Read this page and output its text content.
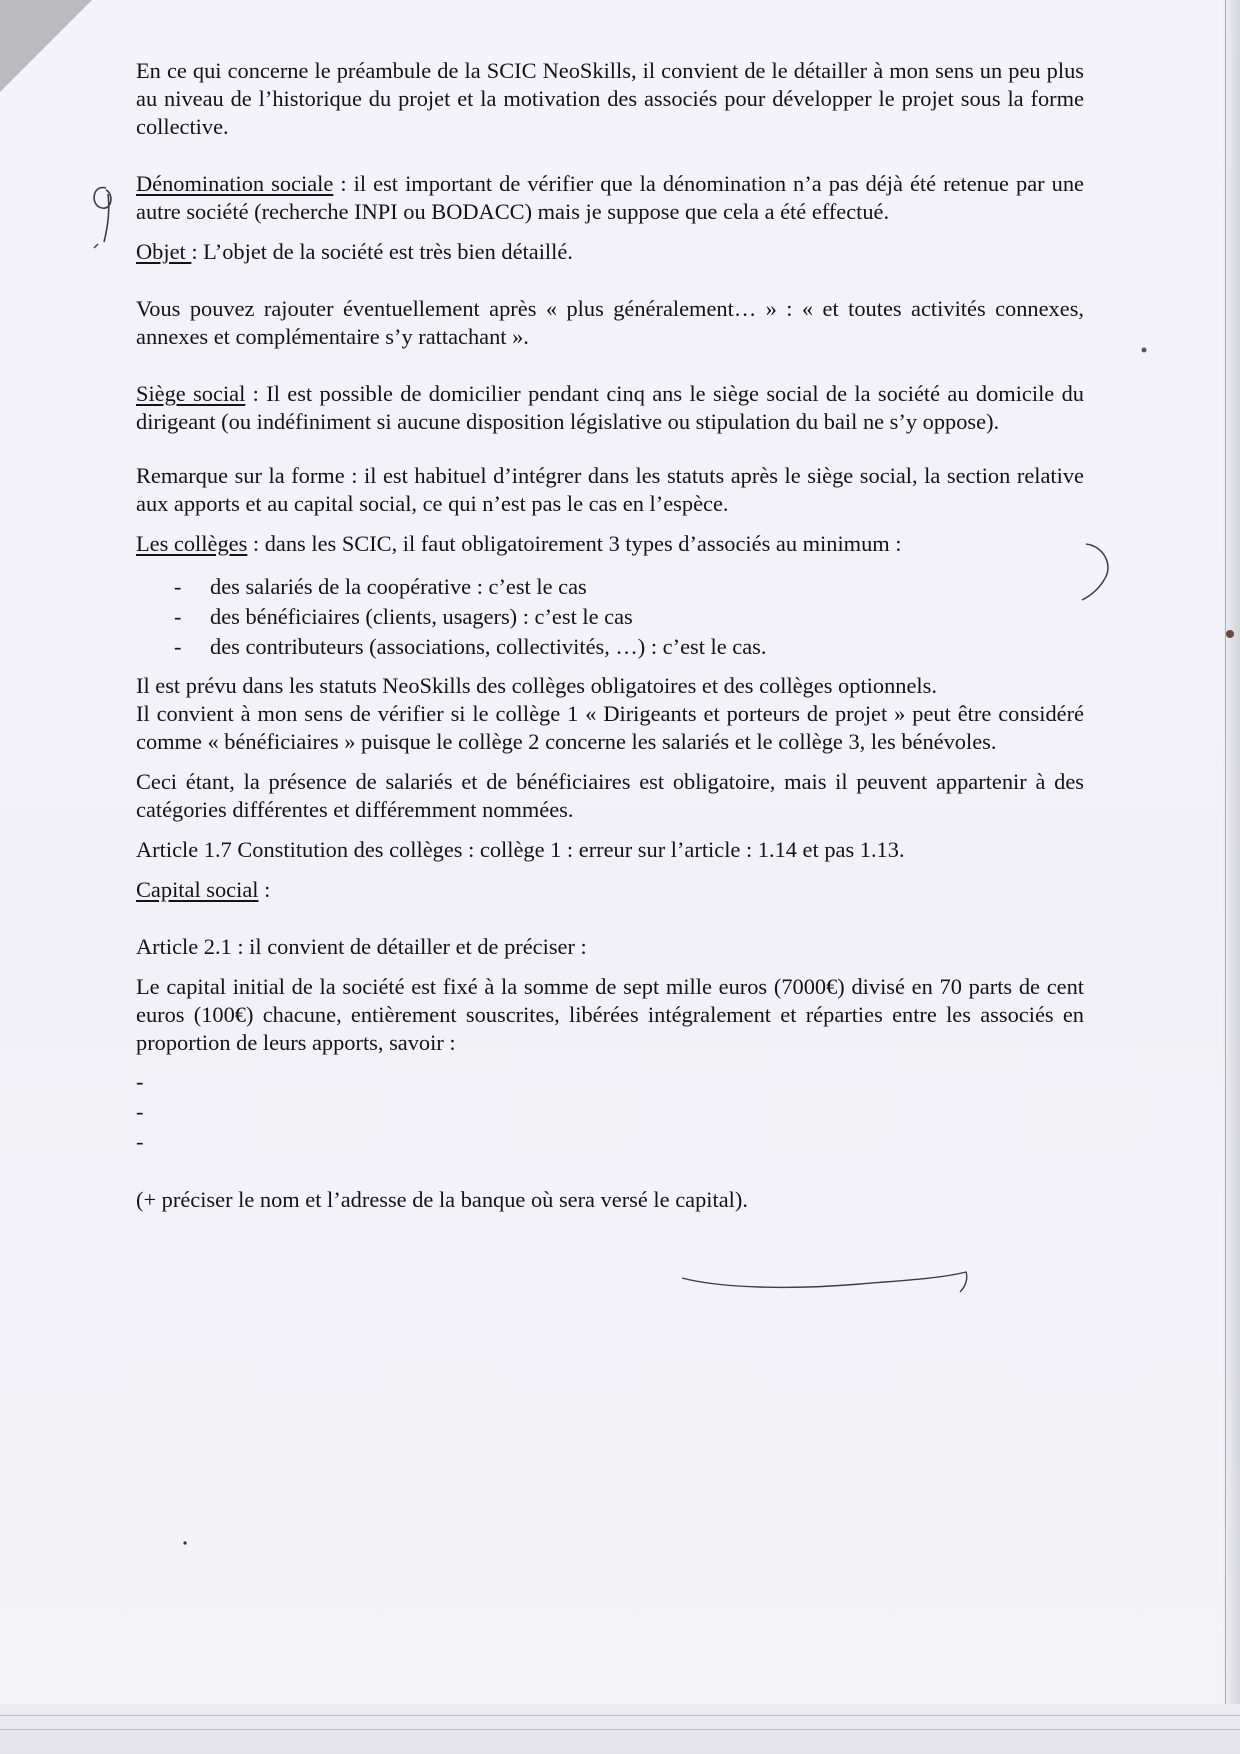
En ce qui concerne le préambule de la SCIC NeoSkills, il convient de le détailler à mon sens un peu plus au niveau de l’historique du projet et la motivation des associés pour développer le projet sous la forme collective.

Dénomination sociale : il est important de vérifier que la dénomination n’a pas déjà été retenue par une autre société (recherche INPI ou BODACC) mais je suppose que cela a été effectué.

Objet : L’objet de la société est très bien détaillé.

Vous pouvez rajouter éventuellement après « plus généralement… » : « et toutes activités connexes, annexes et complémentaire s’y rattachant ».

Siège social : Il est possible de domicilier pendant cinq ans le siège social de la société au domicile du dirigeant (ou indéfiniment si aucune disposition législative ou stipulation du bail ne s’y oppose).

Remarque sur la forme : il est habituel d’intégrer dans les statuts après le siège social, la section relative aux apports et au capital social, ce qui n’est pas le cas en l’espèce.

Les collèges : dans les SCIC, il faut obligatoirement 3 types d’associés au minimum :

- des salariés de la coopérative : c’est le cas
- des bénéficiaires (clients, usagers) : c’est le cas
- des contributeurs (associations, collectivités, …) : c’est le cas.

Il est prévu dans les statuts NeoSkills des collèges obligatoires et des collèges optionnels.

Il convient à mon sens de vérifier si le collège 1 « Dirigeants et porteurs de projet » peut être considéré comme « bénéficiaires » puisque le collège 2 concerne les salariés et le collège 3, les bénévoles.

Ceci étant, la présence de salariés et de bénéficiaires est obligatoire, mais il peuvent appartenir à des catégories différentes et différemment nommées.

Article 1.7 Constitution des collèges : collège 1 : erreur sur l’article : 1.14 et pas 1.13.

Capital social :

Article 2.1 : il convient de détailler et de préciser :

Le capital initial de la société est fixé à la somme de sept mille euros (7000€) divisé en 70 parts de cent euros (100€) chacune, entièrement souscrites, libérées intégralement et réparties entre les associés en proportion de leurs apports, savoir :

-
-
-

(+ préciser le nom et l’adresse de la banque où sera versé le capital).
